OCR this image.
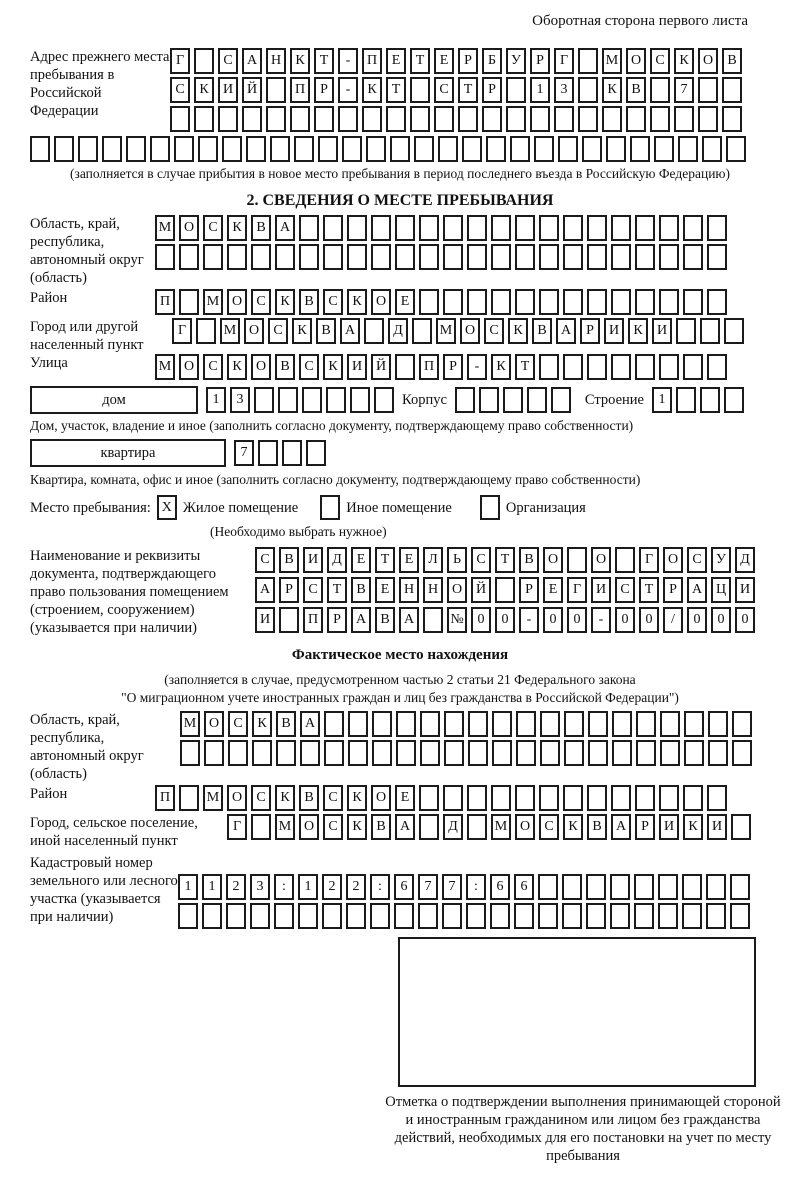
Оборотная сторона первого листа
Адрес прежнего места пребывания в Российской Федерации
Г	С	А Н	К	Т	-	П	Е	Т	Е	Р	Б	У	Р	Г	М О	С	К	О	В
С	К	И Й	П	Р	-	К	Т	С	Т	Р	1	3	К	В	7
(заполняется в случае прибытия в новое место пребывания в период последнего въезда в Российскую Федерацию)
2. СВЕДЕНИЯ О МЕСТЕ ПРЕБЫВАНИЯ
Область, край, республика, автономный округ (область)
М О	С	К	В	А
Район	П	М О	С	К	В	С	К	О	Е
Город или другой населенный пункт
Г	М О	С	К	В	А	Д	М О	С	К	В	А	Р	И	К	И
Улица	М О	С	К	О	В	С	К	И Й	П	Р	-	К	Т
дом	1	3	Корпус	Строение	1
Дом, участок, владение и иное (заполнить согласно документу, подтверждающему право собственности)
квартира	7
Квартира, комната, офис и иное (заполнить согласно документу, подтверждающему право собственности)
Место пребывания: X Жилое помещение	Иное помещение	Организация
(Необходимо выбрать нужное)
Наименование и реквизиты документа, подтверждающего право пользования помещением (строением, сооружением) (указывается при наличии)
С	В	И	Д	Е	Т	Е	Л	Ь	С	Т	В	О	О	Г	О	С	У	Д
А	Р	С	Т	В	Е	Н Н О Й	Р	Е	Г	И	С	Т	Р	А Ц И
И	П	Р	А	В	А	№ 0	0	-	0	0	-	0	0	/	0	0	0
Фактическое место нахождения
(заполняется в случае, предусмотренном частью 2 статьи 21 Федерального закона
"О миграционном учете иностранных граждан и лиц без гражданства в Российской Федерации")
Область, край, республика, автономный округ (область)
М О	С	К	В	А
Район	П	М О	С	К	В	С	К	О	Е
Город, сельское поселение, иной населенный пункт
Г	М О	С	К	В	А	Д	М О	С	К	В	А	Р	И	К	И
Кадастровый номер земельного или лесного участка (указывается при наличии)
1	1	2	3	:	1	2	2	:	6	7	7	:	6	6
Отметка о подтверждении выполнения принимающей стороной и иностранным гражданином или лицом без гражданства действий, необходимых для его постановки на учет по месту пребывания
